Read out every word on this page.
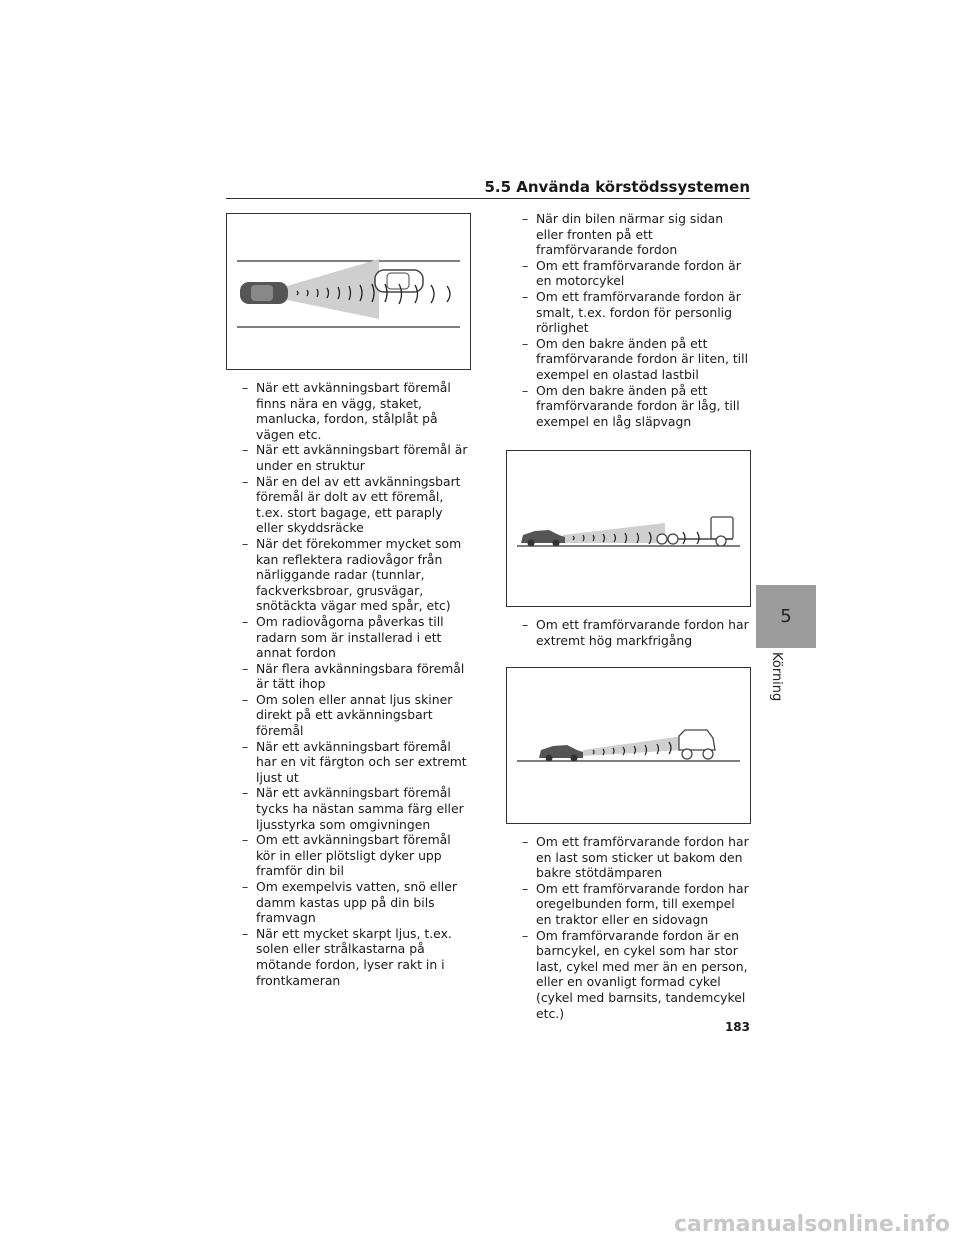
5.5 Använda körstödssystemen
– När ett avkänningsbart föremål finns nära en vägg, staket, manlucka, fordon, stålplåt på vägen etc.
– När ett avkänningsbart föremål är under en struktur
– När en del av ett avkänningsbart föremål är dolt av ett föremål, t.ex. stort bagage, ett paraply eller skyddsräcke
– När det förekommer mycket som kan reflektera radiovågor från närliggande radar (tunnlar, fackverksbroar, grusvägar, snötäckta vägar med spår, etc)
– Om radiovågorna påverkas till radarn som är installerad i ett annat fordon
– När flera avkänningsbara föremål är tätt ihop
– Om solen eller annat ljus skiner direkt på ett avkänningsbart föremål
– När ett avkänningsbart föremål har en vit färgton och ser extremt ljust ut
– När ett avkänningsbart föremål tycks ha nästan samma färg eller ljusstyrka som omgivningen
– Om ett avkänningsbart föremål kör in eller plötsligt dyker upp framför din bil
– Om exempelvis vatten, snö eller damm kastas upp på din bils framvagn
– När ett mycket skarpt ljus, t.ex. solen eller strålkastarna på mötande fordon, lyser rakt in i frontkameran
– När din bilen närmar sig sidan eller fronten på ett framförvarande fordon
– Om ett framförvarande fordon är en motorcykel
– Om ett framförvarande fordon är smalt, t.ex. fordon för personlig rörlighet
– Om den bakre änden på ett framförvarande fordon är liten, till exempel en olastad lastbil
– Om den bakre änden på ett framförvarande fordon är låg, till exempel en låg släpvagn
– Om ett framförvarande fordon har extremt hög markfrigång
– Om ett framförvarande fordon har en last som sticker ut bakom den bakre stötdämparen
– Om ett framförvarande fordon har oregelbunden form, till exempel en traktor eller en sidovagn
– Om framförvarande fordon är en barncykel, en cykel som har stor last, cykel med mer än en person, eller en ovanligt formad cykel (cykel med barnsits, tandemcykel etc.)
5
Körning
183
carmanualsonline.info
